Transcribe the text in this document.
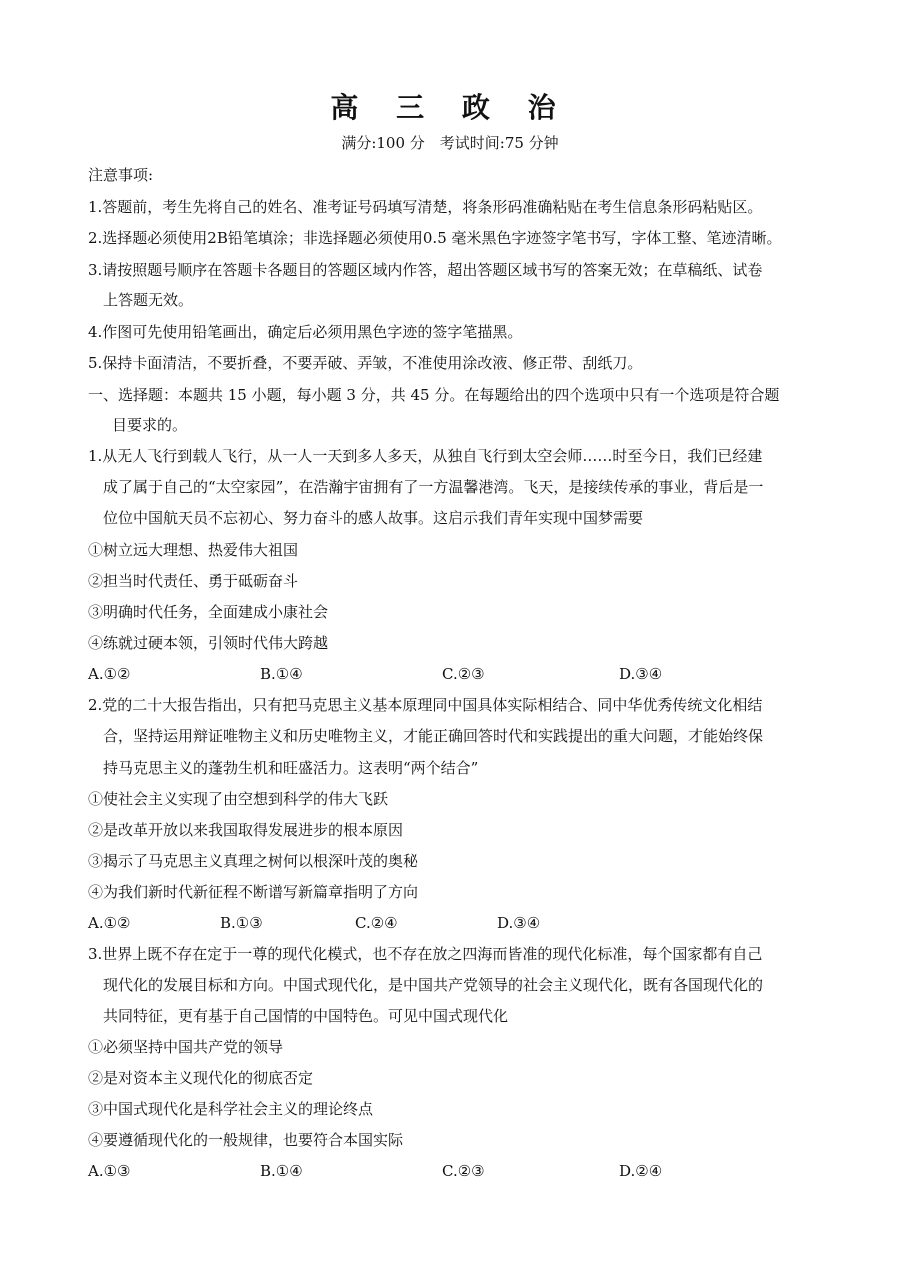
高 三 政 治
满分:100 分　考试时间:75 分钟
注意事项:
1.答题前，考生先将自己的姓名、准考证号码填写清楚，将条形码准确粘贴在考生信息条形码粘贴区。
2.选择题必须使用2B铅笔填涂；非选择题必须使用0.5 毫米黑色字迹签字笔书写，字体工整、笔迹清晰。
3.请按照题号顺序在答题卡各题目的答题区域内作答，超出答题区域书写的答案无效；在草稿纸、试卷
上答题无效。
4.作图可先使用铅笔画出，确定后必须用黑色字迹的签字笔描黑。
5.保持卡面清洁，不要折叠，不要弄破、弄皱，不准使用涂改液、修正带、刮纸刀。
一、选择题：本题共 15 小题，每小题 3 分，共 45 分。在每题给出的四个选项中只有一个选项是符合题
目要求的。
1.从无人飞行到载人飞行，从一人一天到多人多天，从独自飞行到太空会师……时至今日，我们已经建
成了属于自己的“太空家园”，在浩瀚宇宙拥有了一方温馨港湾。飞天，是接续传承的事业，背后是一
位位中国航天员不忘初心、努力奋斗的感人故事。这启示我们青年实现中国梦需要
①树立远大理想、热爱伟大祖国
②担当时代责任、勇于砥砺奋斗
③明确时代任务，全面建成小康社会
④练就过硬本领，引领时代伟大跨越
A.①②	B.①④	C.②③	D.③④
2.党的二十大报告指出，只有把马克思主义基本原理同中国具体实际相结合、同中华优秀传统文化相结
合，坚持运用辩证唯物主义和历史唯物主义，才能正确回答时代和实践提出的重大问题，才能始终保
持马克思主义的蓬勃生机和旺盛活力。这表明“两个结合”
①使社会主义实现了由空想到科学的伟大飞跃
②是改革开放以来我国取得发展进步的根本原因
③揭示了马克思主义真理之树何以根深叶茂的奥秘
④为我们新时代新征程不断谱写新篇章指明了方向
A.①②	B.①③	C.②④	D.③④
3.世界上既不存在定于一尊的现代化模式，也不存在放之四海而皆准的现代化标准，每个国家都有自己
现代化的发展目标和方向。中国式现代化，是中国共产党领导的社会主义现代化，既有各国现代化的
共同特征，更有基于自己国情的中国特色。可见中国式现代化
①必须坚持中国共产党的领导
②是对资本主义现代化的彻底否定
③中国式现代化是科学社会主义的理论终点
④要遵循现代化的一般规律，也要符合本国实际
A.①③	B.①④	C.②③	D.②④
